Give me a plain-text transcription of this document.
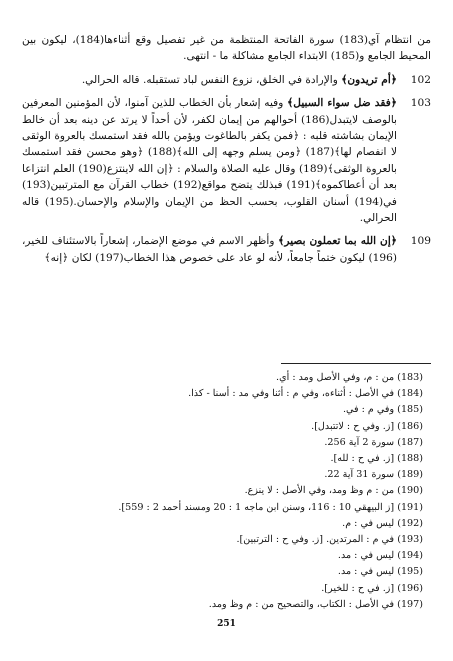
من انتظام آي(183) سورة الفاتحة المنتظمة من غير تفصيل وقع أثناءها(184)، ليكون بين المحيط الجامع و(185) الابتداء الجامع مشاكلة ما - انتهى.

102
﴿أم تريدون﴾ والإرادة في الخلق، نزوع النفس لباد تستقبله. قاله الحرالي.

103
﴿فقد ضل سواء السبيل﴾ وفيه إشعار بأن الخطاب للذين آمنوا، لأن المؤمنين المعرفين بالوصف لايتبدل(186) أحوالهم من إيمان لكفر، لأن أحداً لا يرتد عن دينه بعد أن خالط الإيمان بشاشته قلبه : ﴿فمن يكفر بالطاغوت ويؤمن بالله فقد استمسك بالعروة الوثقى لا انفصام لها﴾(187) ﴿ومن يسلم وجهه إلى الله﴾(188) ﴿وهو محسن فقد استمسك بالعروة الوثقى﴾(189) وقال عليه الصلاة والسلام : ﴿إن الله لاينتزع(190) العلم انتزاعا بعد أن أعطاكموه﴾(191) فبذلك يتضح مواقع(192) خطاب القرآن مع المترتبين(193) في(194) أسنان القلوب، بحسب الحظ من الإيمان والإسلام والإحسان.(195) قاله الحرالي.

109
﴿إن الله بما تعملون بصير﴾ وأظهر الاسم في موضع الإضمار، إشعاراً بالاستئناف للخير،(196) ليكون ختماً جامعاً، لأنه لو عاد على خصوص هذا الخطاب(197) لكان ﴿إنه﴾

(183) من : م، وفي الأصل ومد : أي.
(184) في الأصل : أثناءه، وفي م : أثنا وفي مد : أسنا - كذا.
(185) وفي م : في.
(186) [ز. وفي ح : لاتتبدل].
(187) سورة 2 آية 256.
(188) [ز. في ح : لله].
(189) سورة 31 آية 22.
(190) من : م وظ ومد، وفي الأصل : لا ينزع.
(191) [ز البيهقي 10 : 116، وسنن ابن ماجه 1 : 20 ومسند أحمد 2 : 559].
(192) ليس في : م.
(193) في م : المرتدين. [ز. وفي ح : الترتبين].
(194) ليس في : مد.
(195) ليس في : مد.
(196) [ز. في ح : للخير].
(197) في الأصل : الكتاب، والتصحيح من : م وظ ومد.
251
